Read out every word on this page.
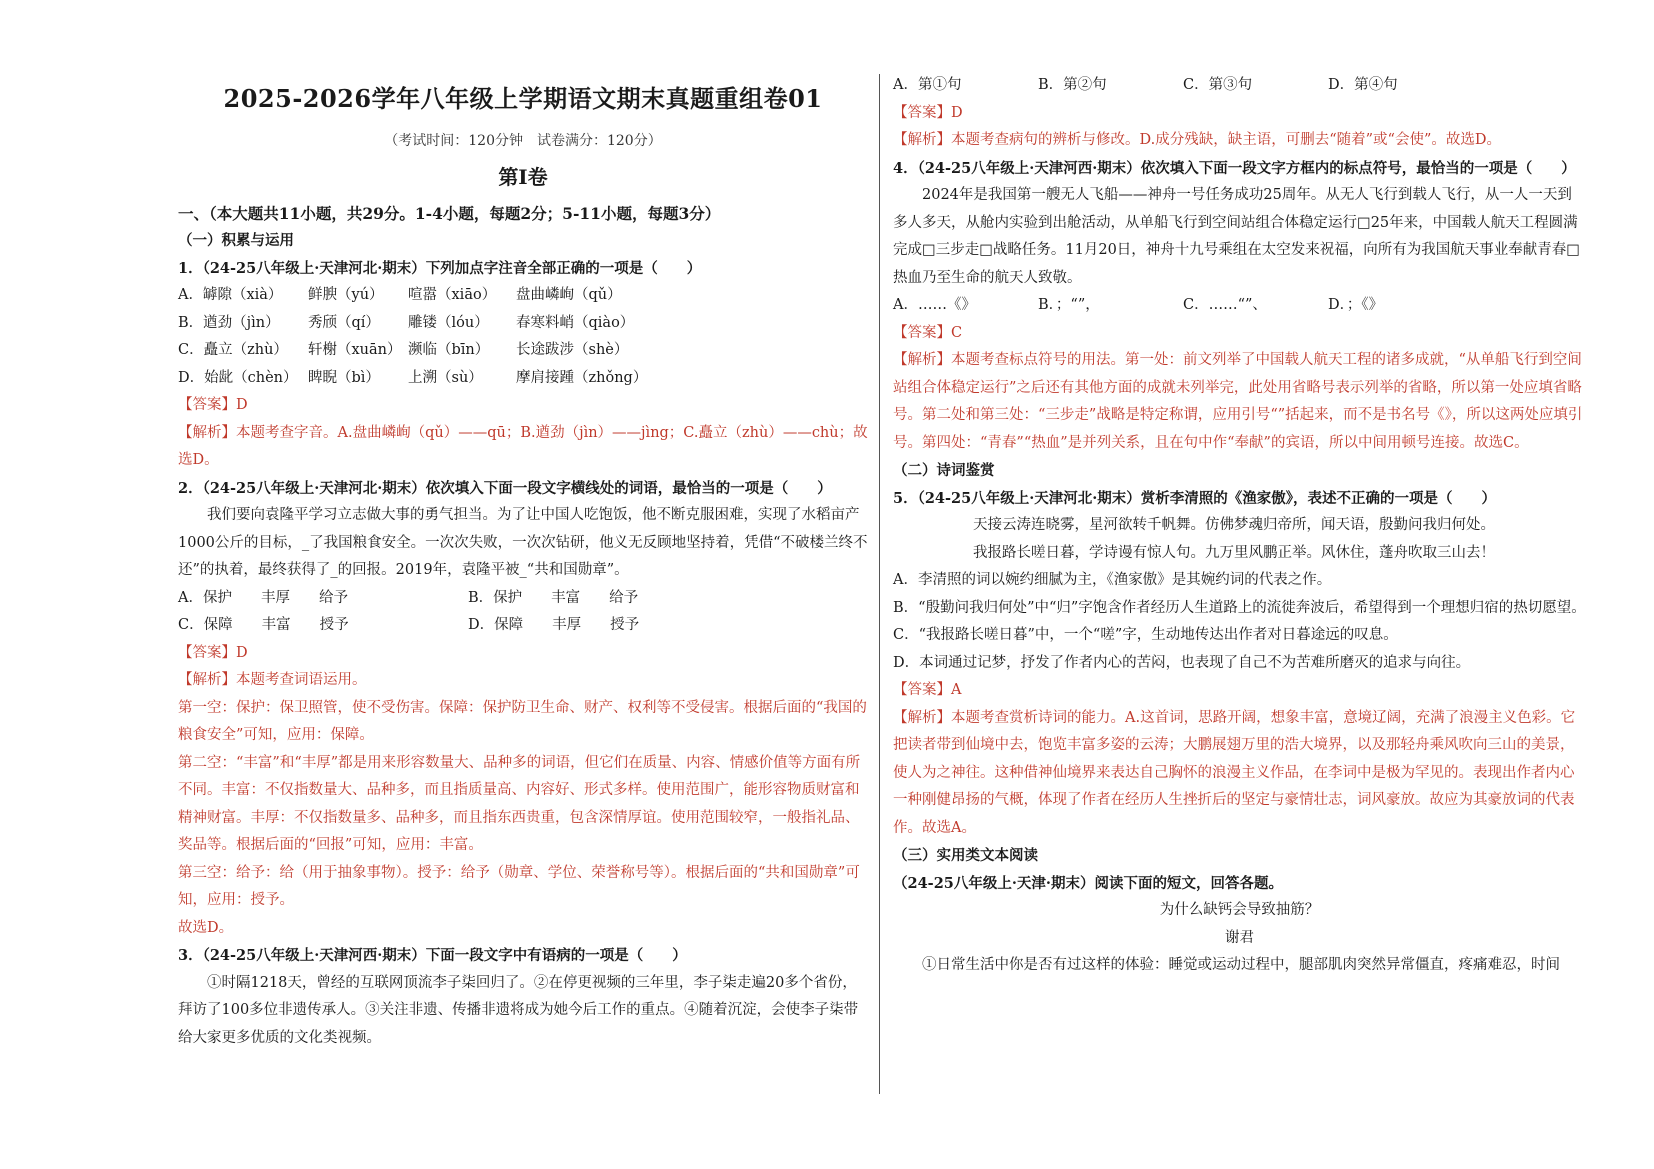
2025-2026学年八年级上学期语文期末真题重组卷01
（考试时间：120分钟　试卷满分：120分）
第Ⅰ卷

一、（本大题共11小题，共29分。1-4小题，每题2分；5-11小题，每题3分）

（一）积累与运用

1．（24-25八年级上·天津河北·期末）下列加点字注音全部正确的一项是（　　）

A．罅隙（xià）	鲜腴（yú）	喧嚣（xiāo）	盘曲嶙峋（qǔ）
B．遒劲（jìn）	秀颀（qí）	雕镂（lóu）	春寒料峭（qiào）
C．矗立（zhù）	轩榭（xuān） 濒临（bīn）	长途跋涉（shè）
D．始龀（chèn） 睥睨（bì）	上溯（sù）	摩肩接踵（zhǒng）

【答案】D

【解析】本题考查字音。A.盘曲嶙峋（qǔ）——qū；B.遒劲（jìn）——jìng；C.矗立（zhù）——chù；故选D。

2．（24-25八年级上·天津河北·期末）依次填入下面一段文字横线处的词语，最恰当的一项是（　　）

我们要向袁隆平学习立志做大事的勇气担当。为了让中国人吃饱饭，他不断克服困难，实现了水稻亩产1000公斤的目标，_了我国粮食安全。一次次失败，一次次钻研，他义无反顾地坚持着，凭借“不破楼兰终不还”的执着，最终获得了_的回报。2019年，袁隆平被_“共和国勋章”。

A．保护　　丰厚　　给予	B．保护　　丰富　　给予
C．保障　　丰富　　授予	D．保障　　丰厚　　授予

【答案】D

【解析】本题考查词语运用。

第一空：保护：保卫照管，使不受伤害。保障：保护防卫生命、财产、权利等不受侵害。根据后面的“我国的粮食安全”可知，应用：保障。

第二空：“丰富”和“丰厚”都是用来形容数量大、品种多的词语，但它们在质量、内容、情感价值等方面有所不同。丰富：不仅指数量大、品种多，而且指质量高、内容好、形式多样。使用范围广，能形容物质财富和精神财富。丰厚：不仅指数量多、品种多，而且指东西贵重，包含深情厚谊。使用范围较窄，一般指礼品、奖品等。根据后面的“回报”可知，应用：丰富。

第三空：给予：给（用于抽象事物）。授予：给予（勋章、学位、荣誉称号等）。根据后面的“共和国勋章”可知，应用：授予。

故选D。

3．（24-25八年级上·天津河西·期末）下面一段文字中有语病的一项是（　　）

①时隔1218天，曾经的互联网顶流李子柒回归了。②在停更视频的三年里，李子柒走遍20多个省份，拜访了100多位非遗传承人。③关注非遗、传播非遗将成为她今后工作的重点。④随着沉淀，会使李子柒带给大家更多优质的文化类视频。

A．第①句	B．第②句	C．第③句	D．第④句

【答案】D

【解析】本题考查病句的辨析与修改。D.成分残缺，缺主语，可删去“随着”或“会使”。故选D。

4．（24-25八年级上·天津河西·期末）依次填入下面一段文字方框内的标点符号，最恰当的一项是（　　）

2024年是我国第一艘无人飞船——神舟一号任务成功25周年。从无人飞行到载人飞行，从一人一天到多人多天，从舱内实验到出舱活动，从单船飞行到空间站组合体稳定运行□25年来，中国载人航天工程圆满完成□三步走□战略任务。11月20日，神舟十九号乘组在太空发来祝福，向所有为我国航天事业奉献青春□热血乃至生命的航天人致敬。

A．……《》	B．；“”，	C．……“”、	D．；《》

【答案】C

【解析】本题考查标点符号的用法。第一处：前文列举了中国载人航天工程的诸多成就，“从单船飞行到空间站组合体稳定运行”之后还有其他方面的成就未列举完，此处用省略号表示列举的省略，所以第一处应填省略号。第二处和第三处：“三步走”战略是特定称谓，应用引号“”括起来，而不是书名号《》，所以这两处应填引号。第四处：“青春”“热血”是并列关系，且在句中作“奉献”的宾语，所以中间用顿号连接。故选C。

（二）诗词鉴赏

5．（24-25八年级上·天津河北·期末）赏析李清照的《渔家傲》，表述不正确的一项是（　　）

天接云涛连晓雾，星河欲转千帆舞。仿佛梦魂归帝所，闻天语，殷勤问我归何处。

我报路长嗟日暮，学诗谩有惊人句。九万里风鹏正举。风休住，蓬舟吹取三山去！

A．李清照的词以婉约细腻为主，《渔家傲》是其婉约词的代表之作。

B．“殷勤问我归何处”中“归”字饱含作者经历人生道路上的流徙奔波后，希望得到一个理想归宿的热切愿望。

C．“我报路长嗟日暮”中，一个“嗟”字，生动地传达出作者对日暮途远的叹息。

D．本词通过记梦，抒发了作者内心的苦闷，也表现了自己不为苦难所磨灭的追求与向往。

【答案】A

【解析】本题考查赏析诗词的能力。A.这首词，思路开阔，想象丰富，意境辽阔，充满了浪漫主义色彩。它把读者带到仙境中去，饱览丰富多姿的云涛；大鹏展翅万里的浩大境界，以及那轻舟乘风吹向三山的美景，使人为之神往。这种借神仙境界来表达自己胸怀的浪漫主义作品，在李词中是极为罕见的。表现出作者内心一种刚健昂扬的气概，体现了作者在经历人生挫折后的坚定与豪情壮志，词风豪放。故应为其豪放词的代表作。故选A。

（三）实用类文本阅读

（24-25八年级上·天津·期末）阅读下面的短文，回答各题。

为什么缺钙会导致抽筋？

谢君

①日常生活中你是否有过这样的体验：睡觉或运动过程中，腿部肌肉突然异常僵直，疼痛难忍，时间
